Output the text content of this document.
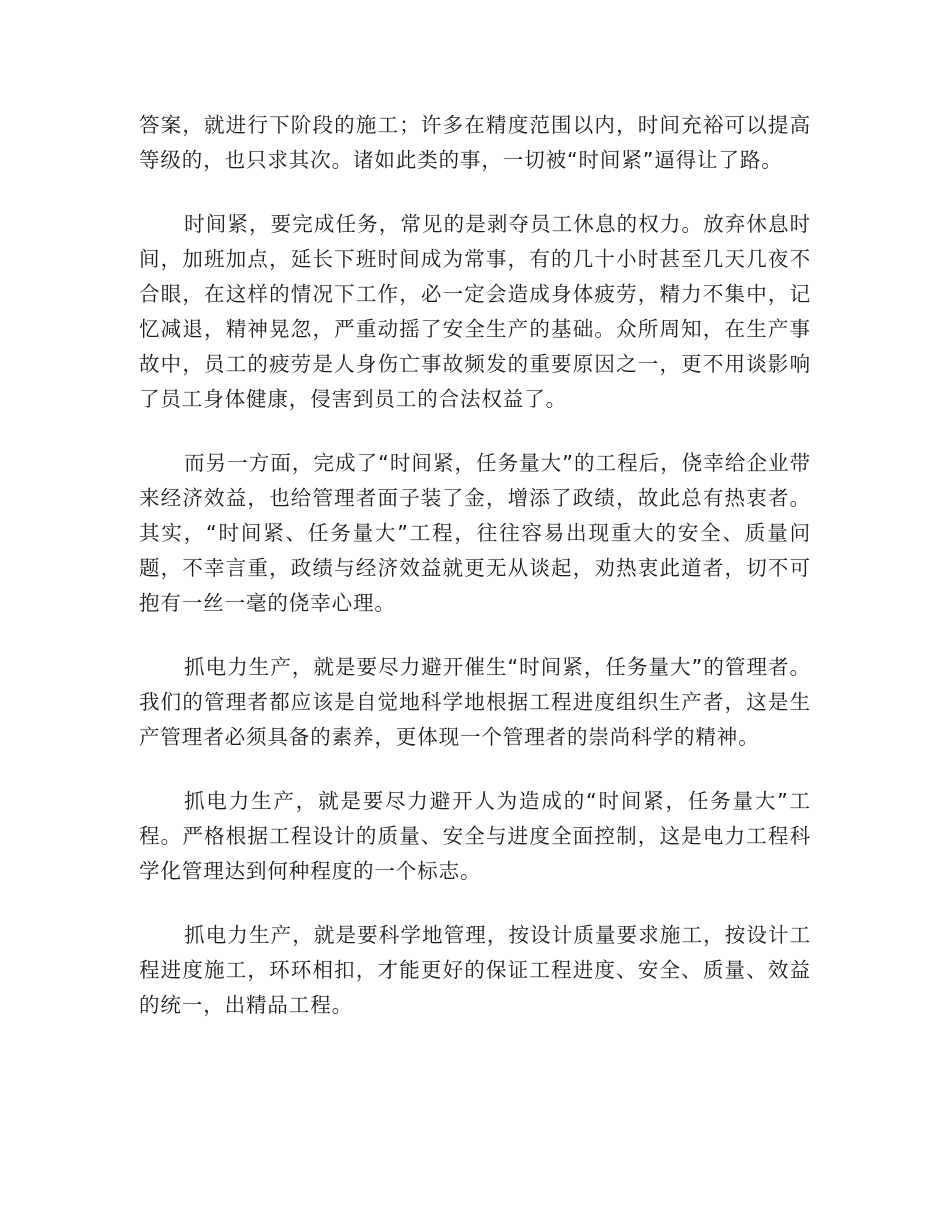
答案，就进行下阶段的施工；许多在精度范围以内，时间充裕可以提高等级的，也只求其次。诸如此类的事，一切被“时间紧”逼得让了路。

时间紧，要完成任务，常见的是剥夺员工休息的权力。放弃休息时间，加班加点，延长下班时间成为常事，有的几十小时甚至几天几夜不合眼，在这样的情况下工作，必一定会造成身体疲劳，精力不集中，记忆减退，精神晃忽，严重动摇了安全生产的基础。众所周知，在生产事故中，员工的疲劳是人身伤亡事故频发的重要原因之一，更不用谈影响了员工身体健康，侵害到员工的合法权益了。

而另一方面，完成了“时间紧，任务量大”的工程后，侥幸给企业带来经济效益，也给管理者面子装了金，增添了政绩，故此总有热衷者。其实，“时间紧、任务量大”工程，往往容易出现重大的安全、质量问题，不幸言重，政绩与经济效益就更无从谈起，劝热衷此道者，切不可抱有一丝一毫的侥幸心理。

抓电力生产，就是要尽力避开催生“时间紧，任务量大”的管理者。我们的管理者都应该是自觉地科学地根据工程进度组织生产者，这是生产管理者必须具备的素养，更体现一个管理者的崇尚科学的精神。

抓电力生产，就是要尽力避开人为造成的“时间紧，任务量大”工程。严格根据工程设计的质量、安全与进度全面控制，这是电力工程科学化管理达到何种程度的一个标志。

抓电力生产，就是要科学地管理，按设计质量要求施工，按设计工程进度施工，环环相扣，才能更好的保证工程进度、安全、质量、效益的统一，出精品工程。
